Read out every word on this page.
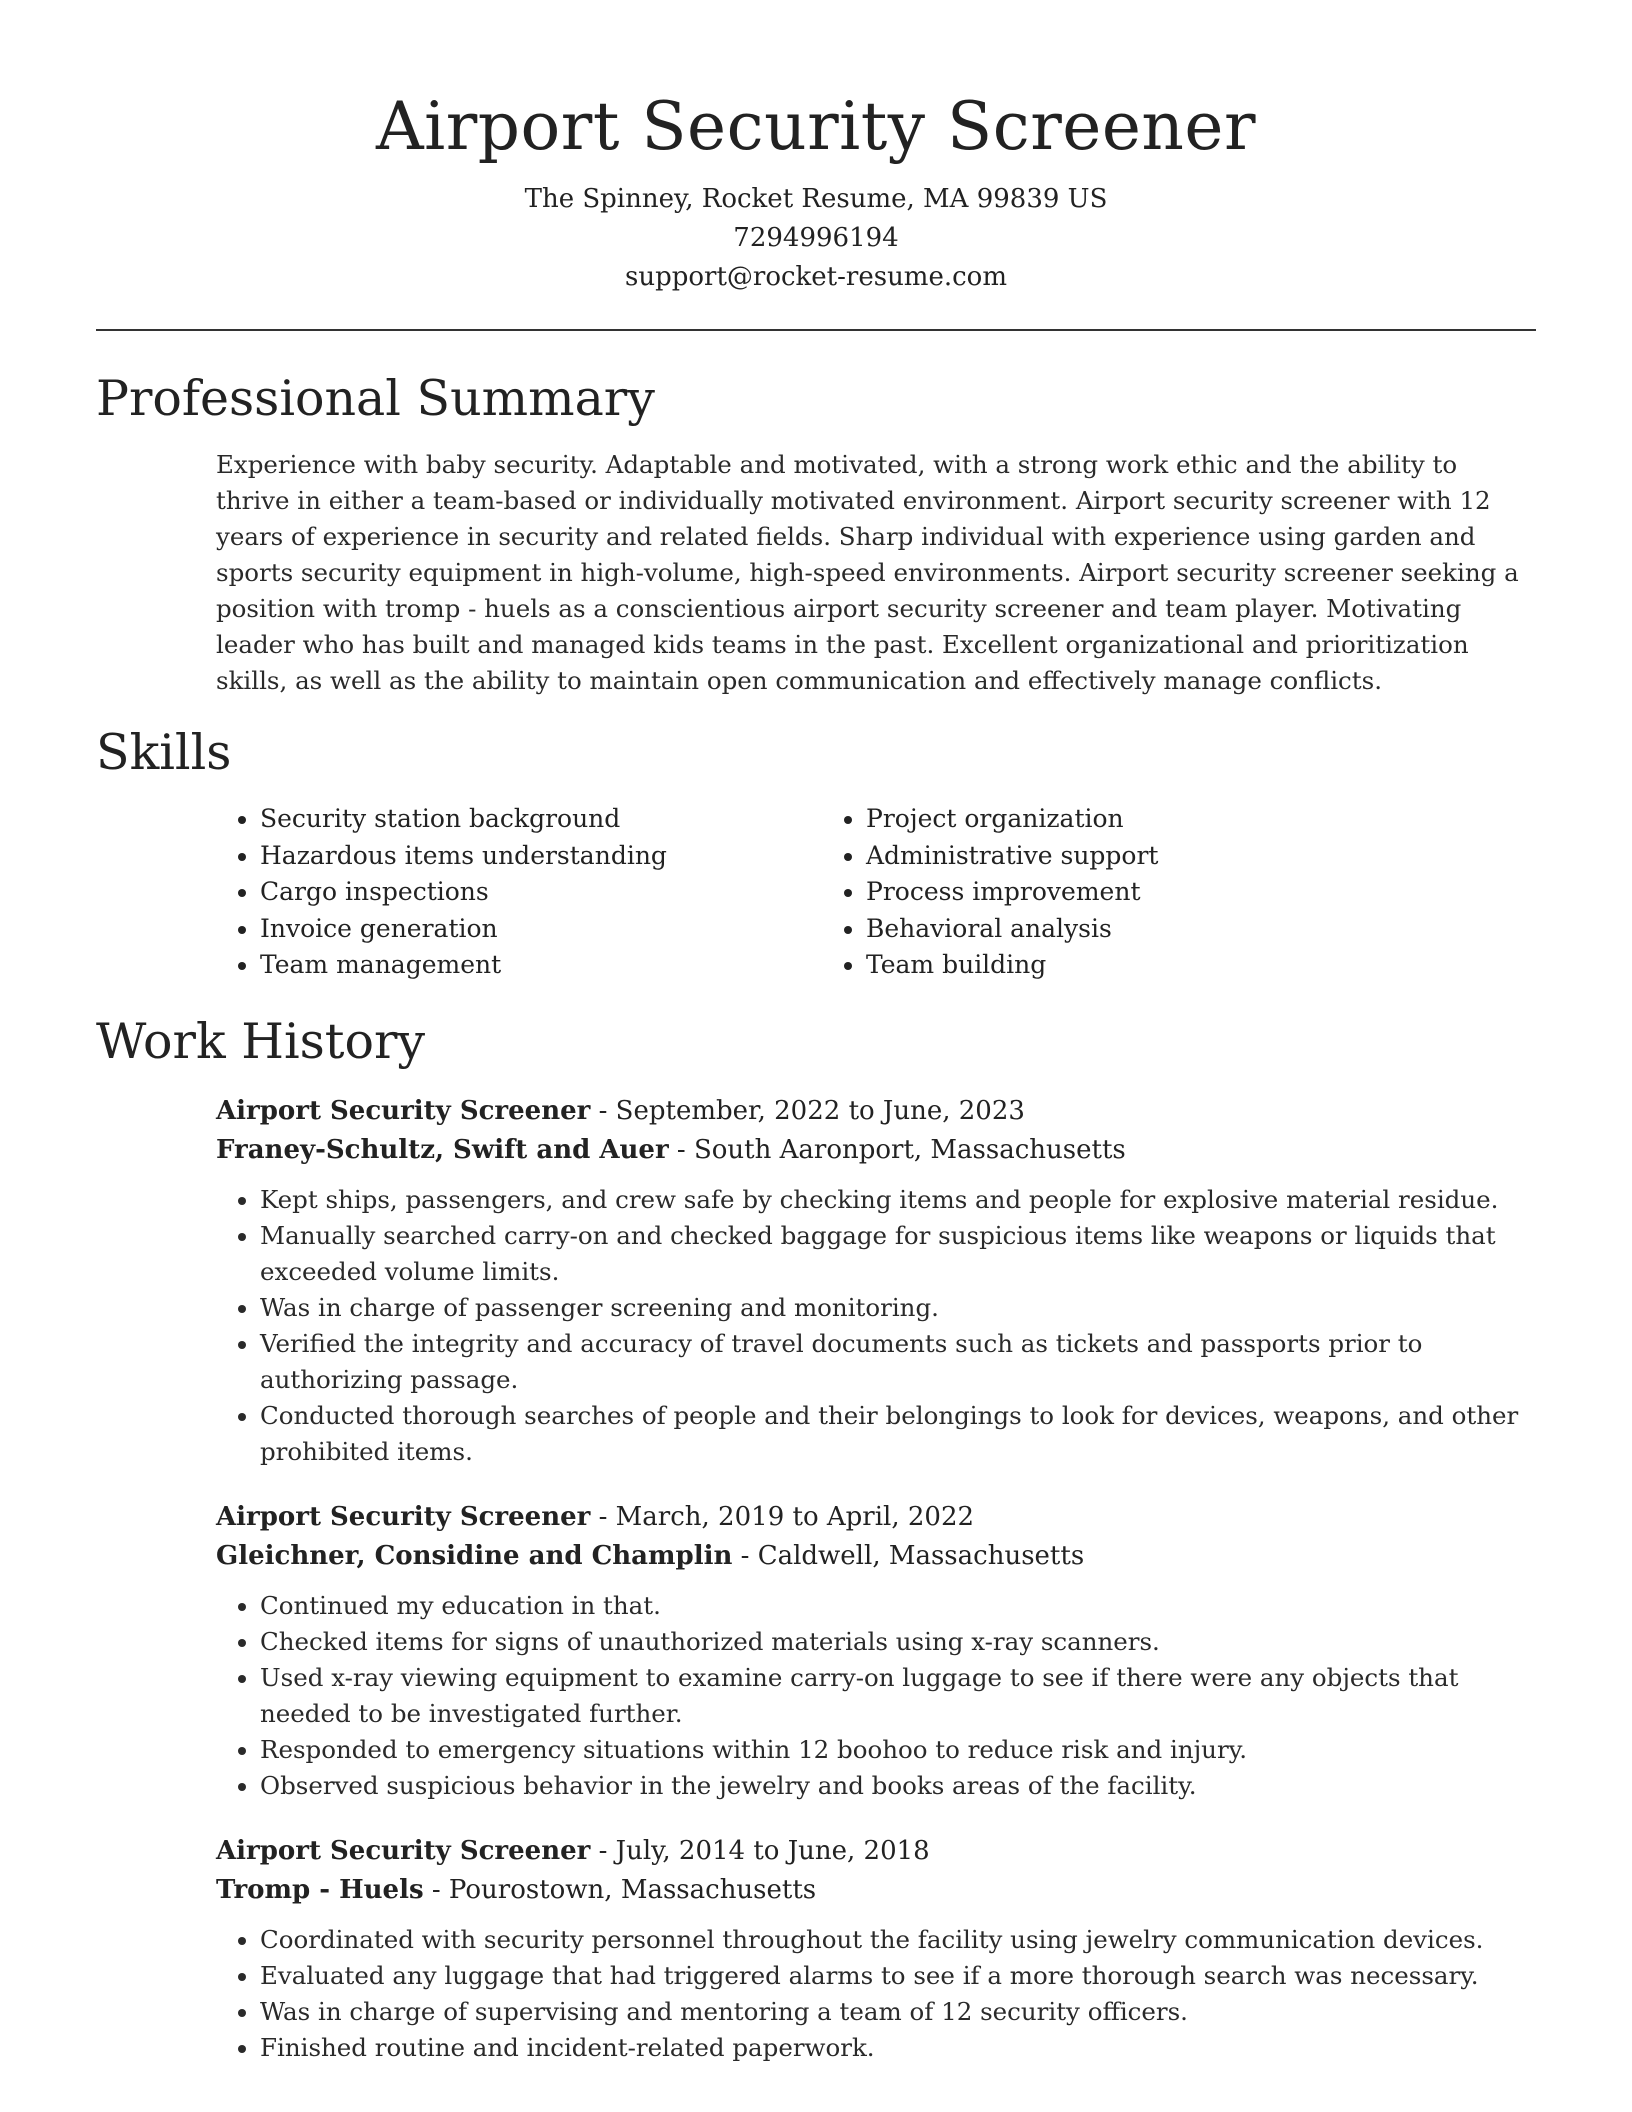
Airport Security Screener
The Spinney, Rocket Resume, MA 99839 US
7294996194
support@rocket-resume.com
Professional Summary
Experience with baby security. Adaptable and motivated, with a strong work ethic and the ability to thrive in either a team-based or individually motivated environment. Airport security screener with 12 years of experience in security and related fields. Sharp individual with experience using garden and sports security equipment in high-volume, high-speed environments. Airport security screener seeking a position with tromp - huels as a conscientious airport security screener and team player. Motivating leader who has built and managed kids teams in the past. Excellent organizational and prioritization skills, as well as the ability to maintain open communication and effectively manage conflicts.
Skills
• Security station background
• Hazardous items understanding
• Cargo inspections
• Invoice generation
• Team management
• Project organization
• Administrative support
• Process improvement
• Behavioral analysis
• Team building
Work History
Airport Security Screener - September, 2022 to June, 2023
Franey-Schultz, Swift and Auer - South Aaronport, Massachusetts
• Kept ships, passengers, and crew safe by checking items and people for explosive material residue.
• Manually searched carry-on and checked baggage for suspicious items like weapons or liquids that exceeded volume limits.
• Was in charge of passenger screening and monitoring.
• Verified the integrity and accuracy of travel documents such as tickets and passports prior to authorizing passage.
• Conducted thorough searches of people and their belongings to look for devices, weapons, and other prohibited items.
Airport Security Screener - March, 2019 to April, 2022
Gleichner, Considine and Champlin - Caldwell, Massachusetts
• Continued my education in that.
• Checked items for signs of unauthorized materials using x-ray scanners.
• Used x-ray viewing equipment to examine carry-on luggage to see if there were any objects that needed to be investigated further.
• Responded to emergency situations within 12 boohoo to reduce risk and injury.
• Observed suspicious behavior in the jewelry and books areas of the facility.
Airport Security Screener - July, 2014 to June, 2018
Tromp - Huels - Pourostown, Massachusetts
• Coordinated with security personnel throughout the facility using jewelry communication devices.
• Evaluated any luggage that had triggered alarms to see if a more thorough search was necessary.
• Was in charge of supervising and mentoring a team of 12 security officers.
• Finished routine and incident-related paperwork.
